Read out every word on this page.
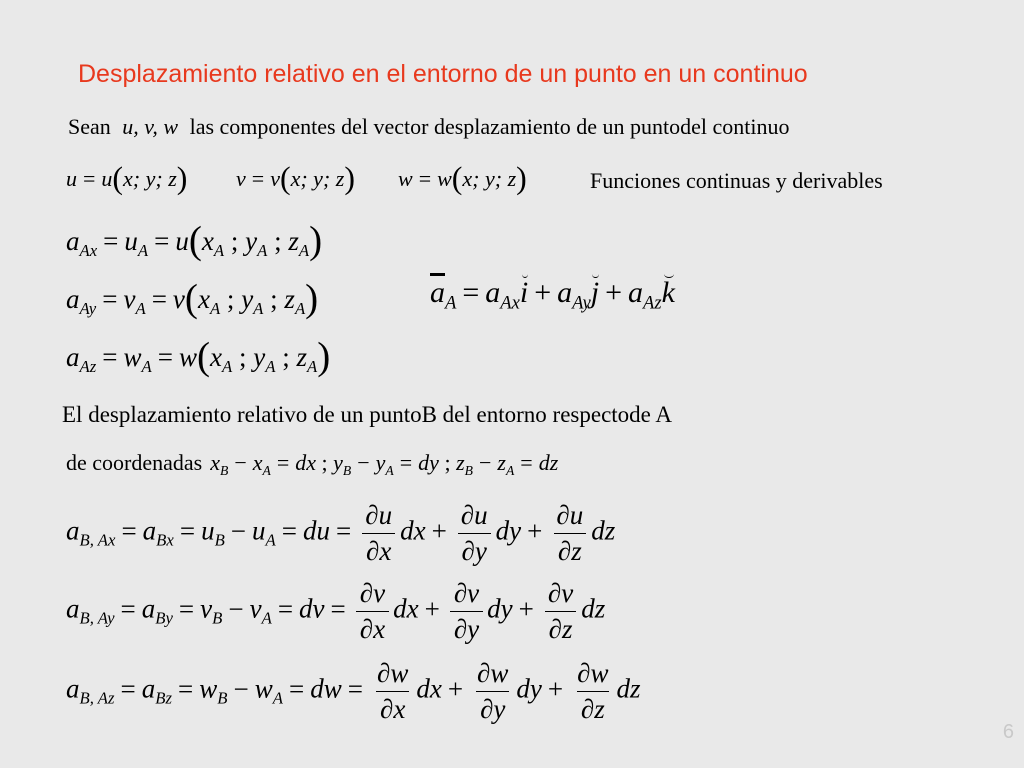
Desplazamiento relativo en el entorno de un punto en un continuo
Sean u, v, w las componentes del vector desplazamiento de un puntodel continuo
u = u(x; y; z) v = v(x; y; z) w = w(x; y; z)	Funciones continuas y derivables
$a_{Ax} = u_A = u(x_A$ ; $y_A$ ; $z_A$)
$a_{Ay} = v_A = v(x_A$ ; $y_A$ ; $z_A$)
$a_{Az} = w_A = w(x_A$ ; $y_A$ ; $z_A$)
$\overline{a}_A = a_{Ax}i + a_{Ay}j + a_{Az}k$
El desplazamiento relativo de un puntoB del entorno respectode A
de coordenadas $x_B - x_A$ = dx ; $y_B - y_A$ = dy ; $z_B - z_A$ = dz
$a_{B, Ax} = a_{Bx} = u_B - u_A$ = du = $\frac{\partial u}{\partial x}$ dx + $\frac{\partial u}{\partial y}$ dy + $\frac{\partial u}{\partial z}$ dz
$a_{B, Ay} = a_{By} = v_B - v_A$ = dv = $\frac{\partial v}{\partial x}$ dx + $\frac{\partial v}{\partial y}$ dy + $\frac{\partial v}{\partial z}$ dz
$a_{B, Az} = a_{Bz} = w_B - w_A$ = dw = $\frac{\partial w}{\partial x}$ dx + $\frac{\partial w}{\partial y}$ dy + $\frac{\partial w}{\partial z}$ dz
6
